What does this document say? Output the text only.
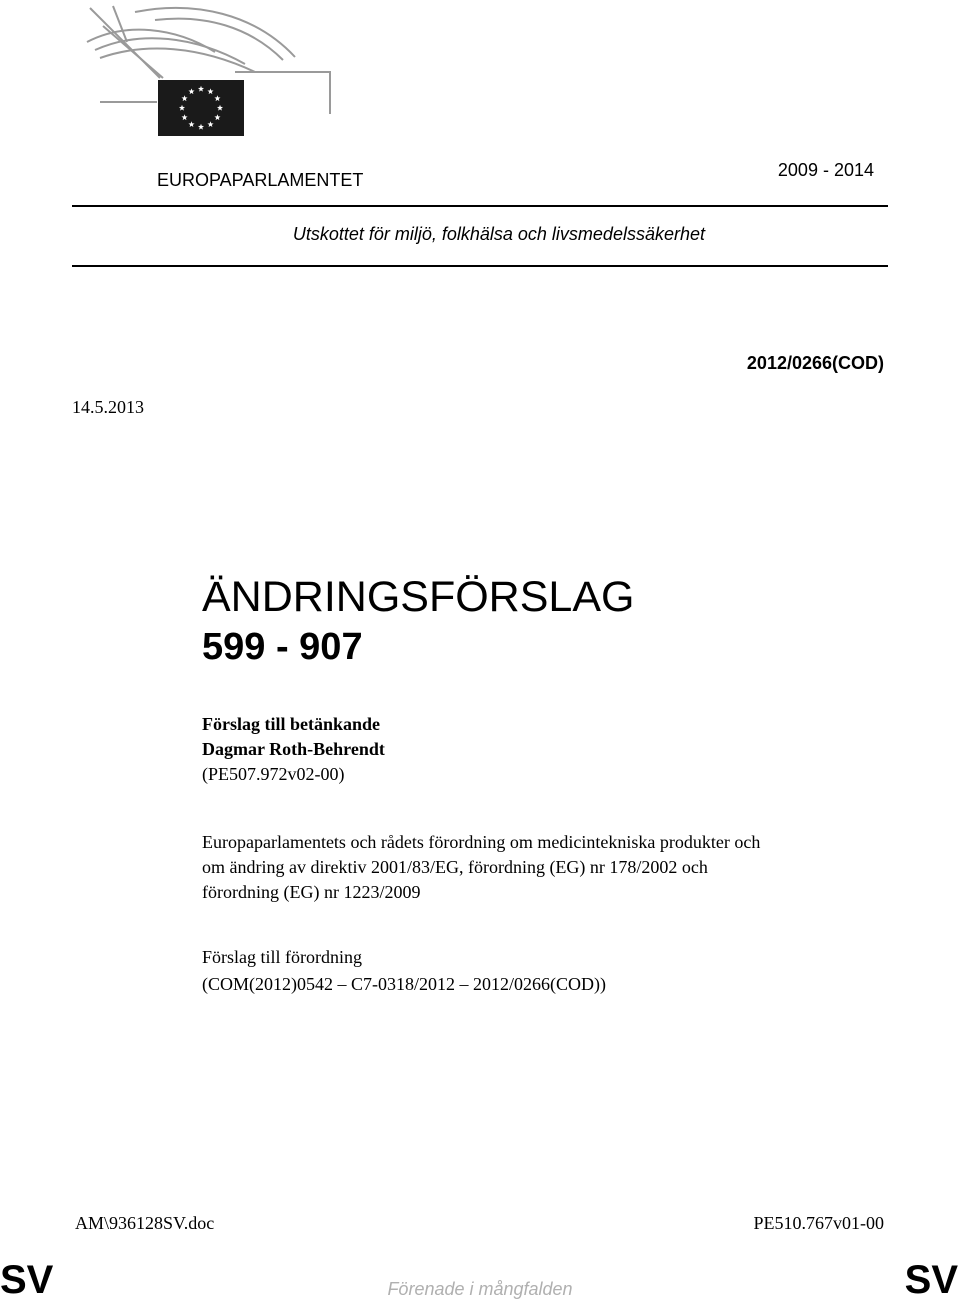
EUROPAPARLAMENTET	2009 - 2014
Utskottet för miljö, folkhälsa och livsmedelssäkerhet
2012/0266(COD)
14.5.2013
ÄNDRINGSFÖRSLAG
599 - 907
Förslag till betänkande
Dagmar Roth-Behrendt
(PE507.972v02-00)
Europaparlamentets och rådets förordning om medicintekniska produkter och
om ändring av direktiv 2001/83/EG, förordning (EG) nr 178/2002 och
förordning (EG) nr 1223/2009
Förslag till förordning
(COM(2012)0542 – C7-0318/2012 – 2012/0266(COD))
AM\936128SV.doc	PE510.767v01-00
SV	Förenade i mångfalden	SV
